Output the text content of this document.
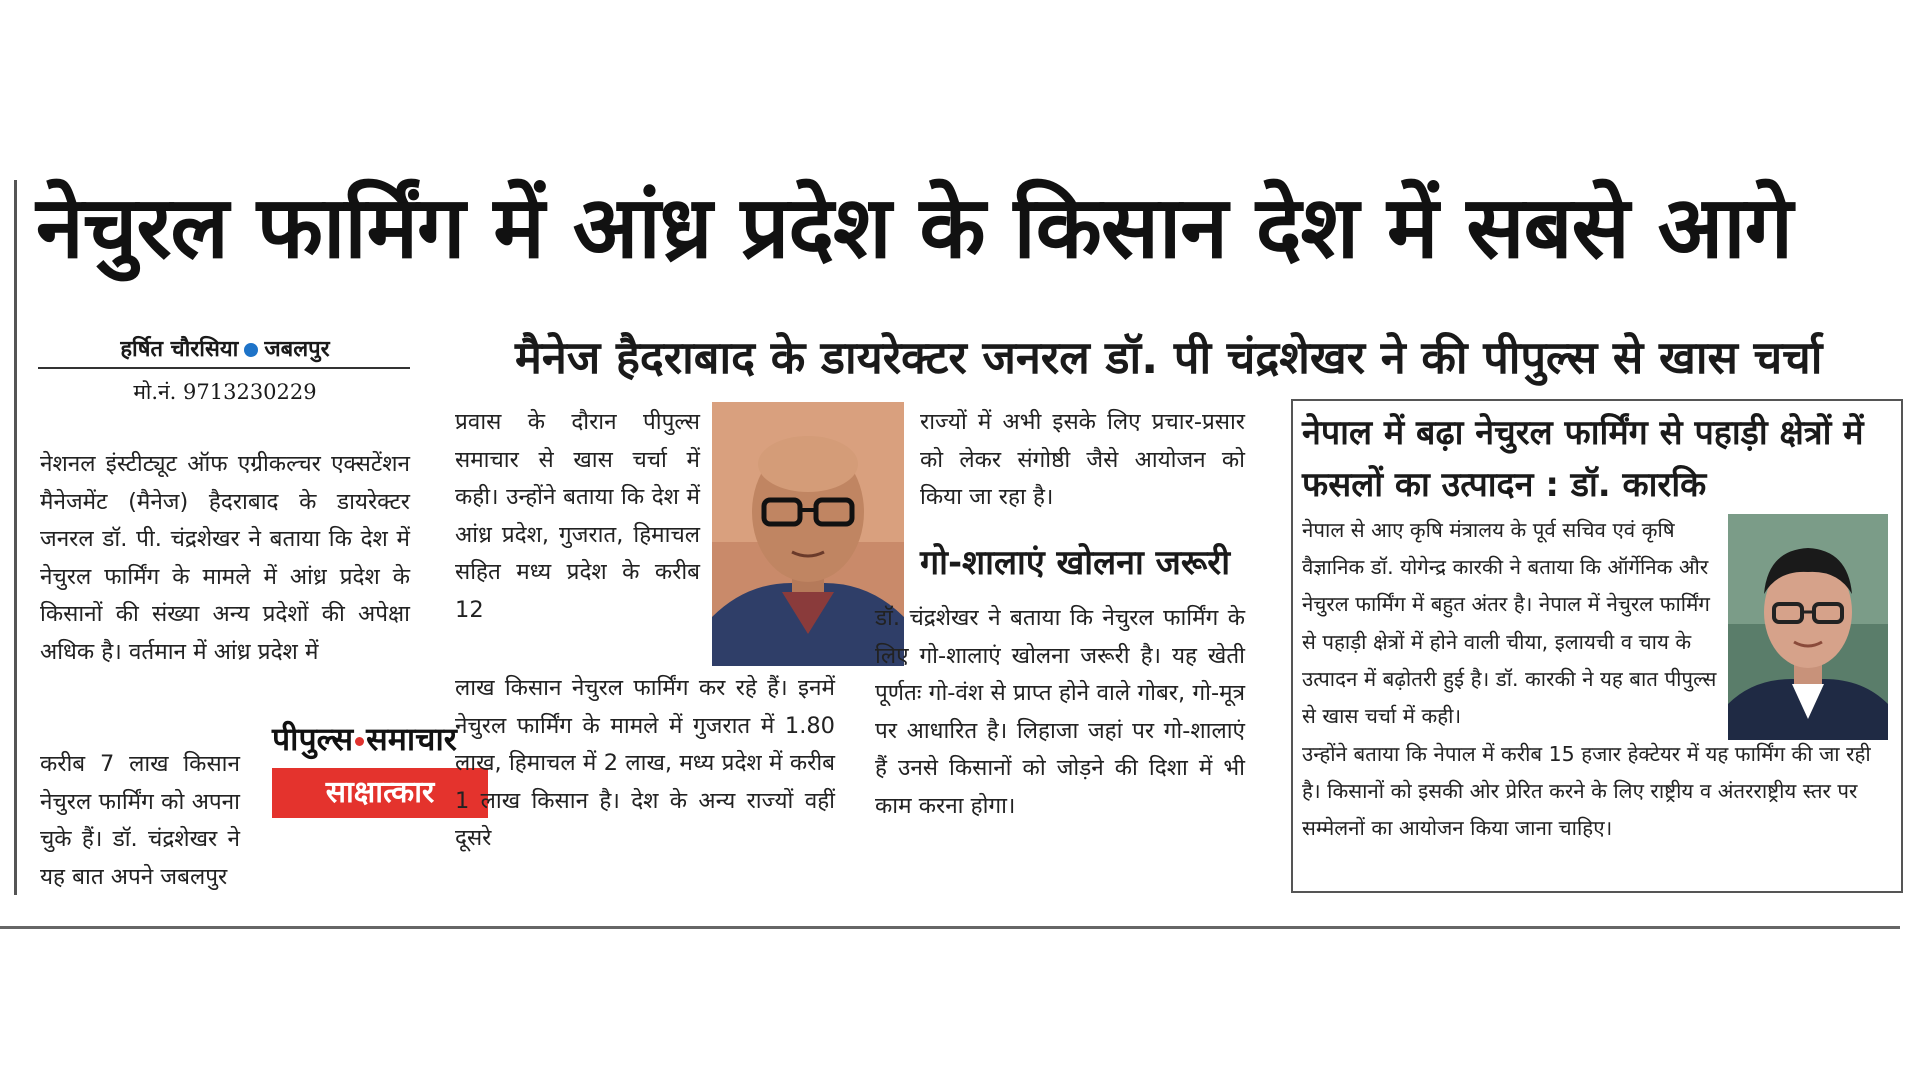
नेचुरल फार्मिंग में आंध्र प्रदेश के किसान देश में सबसे आगे
हर्षित चौरसिया जबलपुर
मो.नं. 9713230229
मैनेज हैदराबाद के डायरेक्टर जनरल डॉ. पी चंद्रशेखर ने की पीपुल्स से खास चर्चा

नेशनल इंस्टीट्यूट ऑफ एग्रीकल्चर एक्सटेंशन मैनेजमेंट (मैनेज) हैदराबाद के डायरेक्टर जनरल डॉ. पी. चंद्रशेखर ने बताया कि देश में नेचुरल फार्मिंग के मामले में आंध्र प्रदेश के किसानों की संख्या अन्य प्रदेशों की अपेक्षा अधिक है। वर्तमान में आंध्र प्रदेश में

करीब 7 लाख किसान नेचुरल फार्मिंग को अपना चुके हैं। डॉ. चंद्रशेखर ने यह बात अपने जबलपुर

पीपुल्स समाचार
साक्षात्कार

प्रवास के दौरान पीपुल्स समाचार से खास चर्चा में कही। उन्होंने बताया कि देश में आंध्र प्रदेश, गुजरात, हिमाचल सहित मध्य प्रदेश के करीब 12

लाख किसान नेचुरल फार्मिंग कर रहे हैं। इनमें नेचुरल फार्मिंग के मामले में गुजरात में 1.80 लाख, हिमाचल में 2 लाख, मध्य प्रदेश में करीब 1 लाख किसान है। देश के अन्य राज्यों वहीं दूसरे

राज्यों में अभी इसके लिए प्रचार-प्रसार को लेकर संगोष्ठी जैसे आयोजन को किया जा रहा है।

गो-शालाएं खोलना जरूरी

डॉ. चंद्रशेखर ने बताया कि नेचुरल फार्मिंग के लिए गो-शालाएं खोलना जरूरी है। यह खेती पूर्णतः गो-वंश से प्राप्त होने वाले गोबर, गो-मूत्र पर आधारित है। लिहाजा जहां पर गो-शालाएं हैं उनसे किसानों को जोड़ने की दिशा में भी काम करना होगा।

नेपाल में बढ़ा नेचुरल फार्मिंग से पहाड़ी क्षेत्रों में फसलों का उत्पादन : डॉ. कारकि
नेपाल से आए कृषि मंत्रालय के पूर्व सचिव एवं कृषि वैज्ञानिक डॉ. योगेन्द्र कारकी ने बताया कि ऑर्गेनिक और नेचुरल फार्मिंग में बहुत अंतर है। नेपाल में नेचुरल फार्मिंग से पहाड़ी क्षेत्रों में होने वाली चीया, इलायची व चाय के उत्पादन में बढ़ोतरी हुई है। डॉ. कारकी ने यह बात पीपुल्स से खास चर्चा में कही।
उन्होंने बताया कि नेपाल में करीब 15 हजार हेक्टेयर में यह फार्मिंग की जा रही है। किसानों को इसकी ओर प्रेरित करने के लिए राष्ट्रीय व अंतरराष्ट्रीय स्तर पर सम्मेलनों का आयोजन किया जाना चाहिए।
